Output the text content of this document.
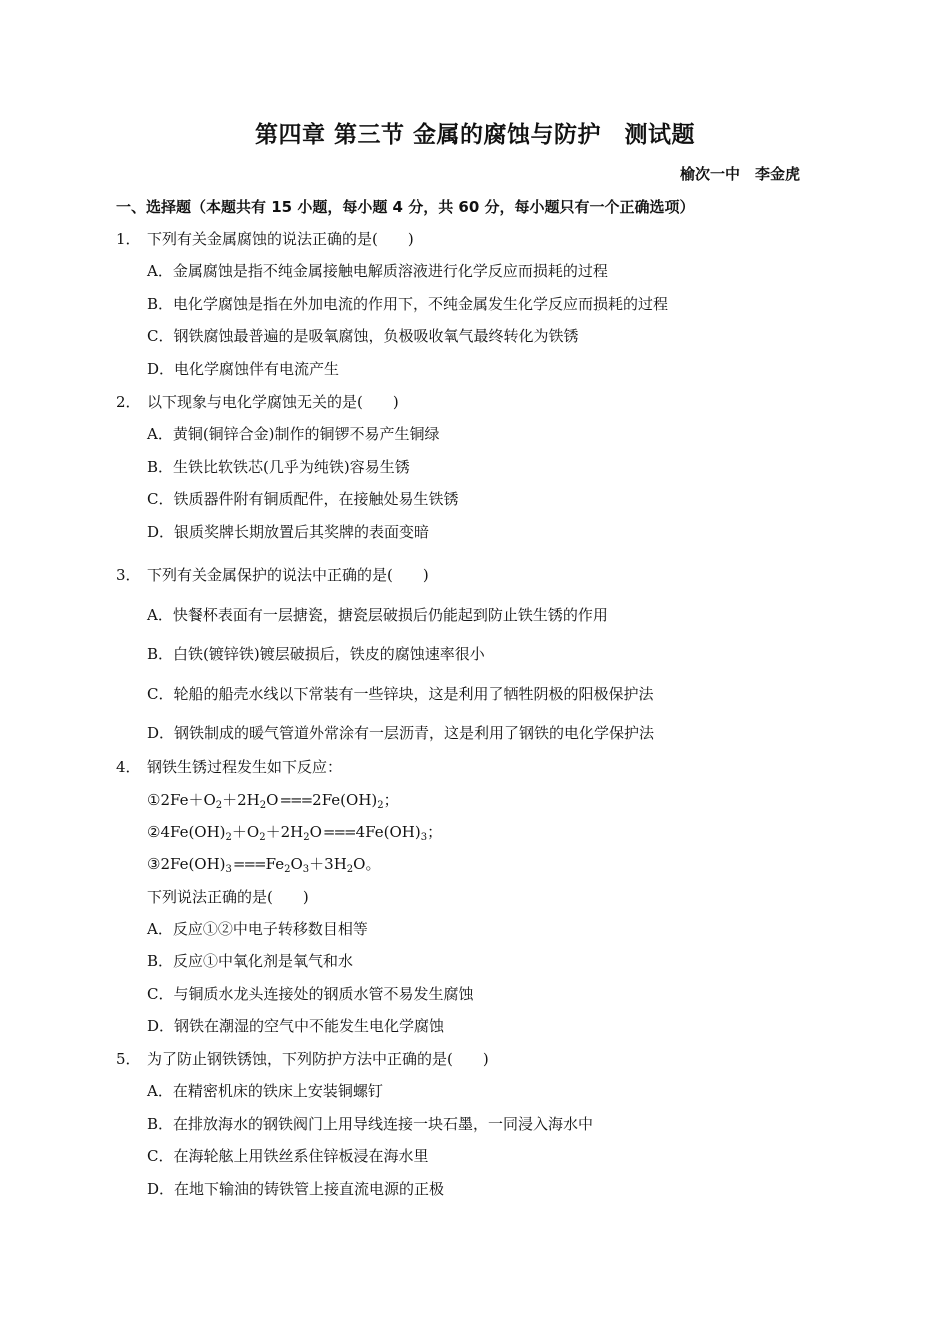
第四章 第三节 金属的腐蚀与防护　测试题
榆次一中　李金虎
一、选择题（本题共有 15 小题，每小题 4 分，共 60 分，每小题只有一个正确选项）
1． 下列有关金属腐蚀的说法正确的是(　　)
A．金属腐蚀是指不纯金属接触电解质溶液进行化学反应而损耗的过程
B．电化学腐蚀是指在外加电流的作用下，不纯金属发生化学反应而损耗的过程
C．钢铁腐蚀最普遍的是吸氧腐蚀，负极吸收氧气最终转化为铁锈
D．电化学腐蚀伴有电流产生
2． 以下现象与电化学腐蚀无关的是(　　)
A．黄铜(铜锌合金)制作的铜锣不易产生铜绿
B．生铁比软铁芯(几乎为纯铁)容易生锈
C．铁质器件附有铜质配件，在接触处易生铁锈
D．银质奖牌长期放置后其奖牌的表面变暗
3． 下列有关金属保护的说法中正确的是(　　)
A．快餐杯表面有一层搪瓷，搪瓷层破损后仍能起到防止铁生锈的作用
B．白铁(镀锌铁)镀层破损后，铁皮的腐蚀速率很小
C．轮船的船壳水线以下常装有一些锌块，这是利用了牺牲阴极的阳极保护法
D．钢铁制成的暖气管道外常涂有一层沥青，这是利用了钢铁的电化学保护法
4． 钢铁生锈过程发生如下反应：
$①2Fe+O_2+2H_2O===2Fe(OH)_2$；
$②4Fe(OH)_2+O_2+2H_2O===4Fe(OH)_3$；
$③2Fe(OH)_3===Fe_2O_3+3H_2O$。
下列说法正确的是(　　)
A．反应①②中电子转移数目相等
B．反应①中氧化剂是氧气和水
C．与铜质水龙头连接处的钢质水管不易发生腐蚀
D．钢铁在潮湿的空气中不能发生电化学腐蚀
5． 为了防止钢铁锈蚀，下列防护方法中正确的是(　　)
A．在精密机床的铁床上安装铜螺钉
B．在排放海水的钢铁阀门上用导线连接一块石墨，一同浸入海水中
C．在海轮舷上用铁丝系住锌板浸在海水里
D．在地下输油的铸铁管上接直流电源的正极
